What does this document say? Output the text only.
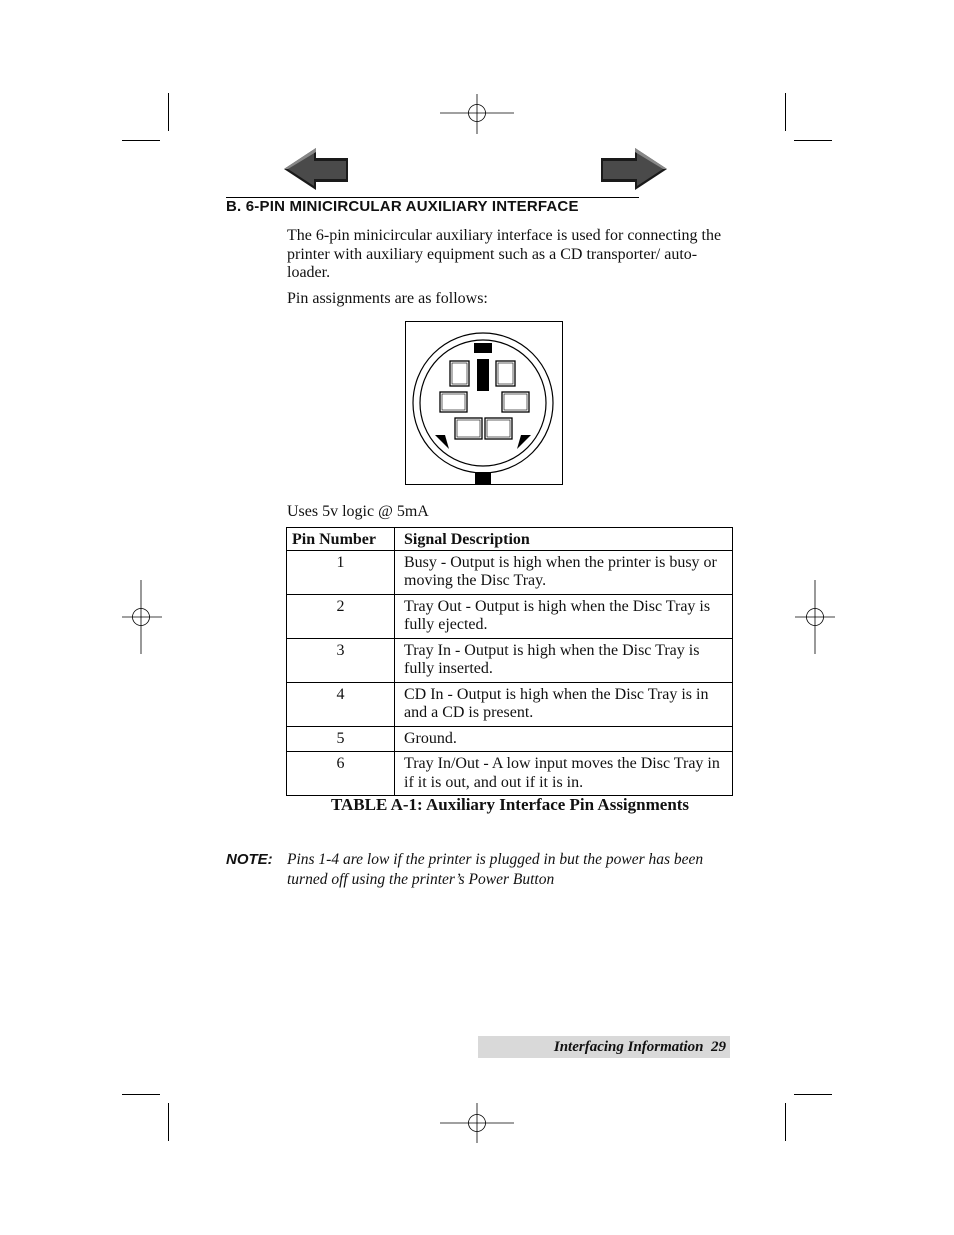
B. 6-PIN MINICIRCULAR AUXILIARY INTERFACE
The 6-pin minicircular auxiliary interface is used for connecting the printer with auxiliary equipment such as a CD transporter/ auto-loader.
Pin assignments are as follows:
Uses 5v logic @ 5mA
Pin Number	Signal Description
1	Busy - Output is high when the printer is busy or moving the Disc Tray.
2	Tray Out - Output is high when the Disc Tray is fully ejected.
3	Tray In - Output is high when the Disc Tray is fully inserted.
4	CD In - Output is high when the Disc Tray is in and a CD is present.
5	Ground.
6	Tray In/Out - A low input moves the Disc Tray in if it is out, and out if it is in.
TABLE A-1: Auxiliary Interface Pin Assignments
NOTE: Pins 1-4 are low if the printer is plugged in but the power has been turned off using the printer’s Power Button
Interfacing Information 29
